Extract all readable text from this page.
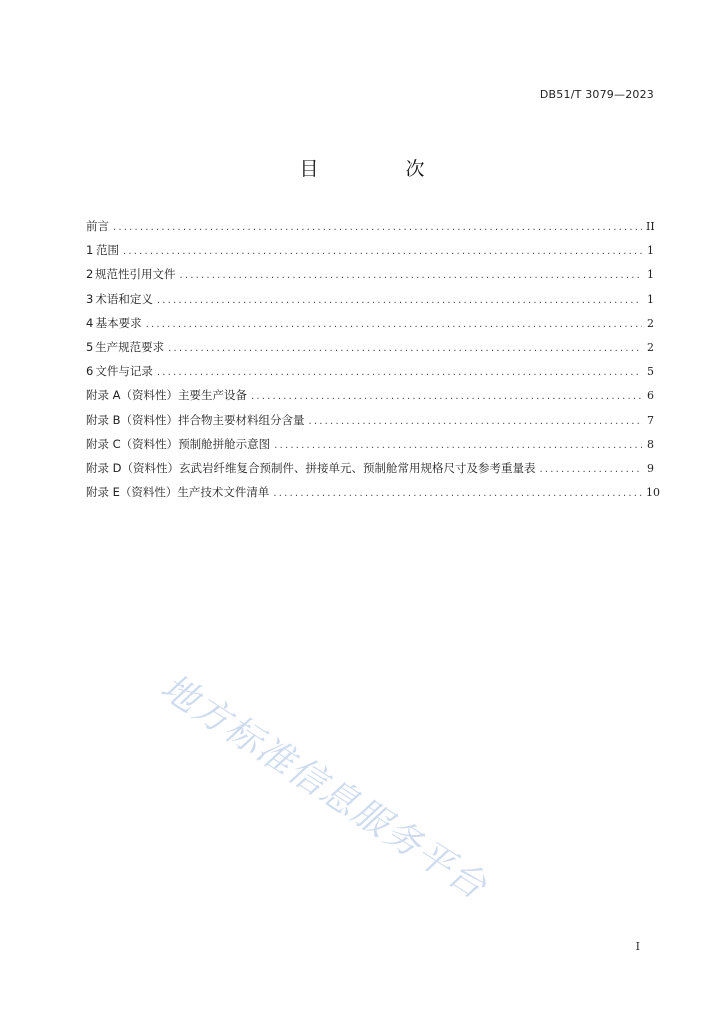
DB51/T 3079—2023
目　次
前言 .....	II
1 范围 .....	1
2 规范性引用文件 .....	1
3 术语和定义 .....	1
4 基本要求 .....	2
5 生产规范要求 .....	2
6 文件与记录 .....	5
附录 A（资料性） 主要生产设备 .....	6
附录 B（资料性） 拌合物主要材料组分含量 .....	7
附录 C（资料性） 预制舱拼舱示意图 .....	8
附录 D（资料性） 玄武岩纤维复合预制件、拼接单元、预制舱常用规格尺寸及参考重量表 .....	9
附录 E（资料性） 生产技术文件清单 .....	10
地方标准信息服务平台
I
